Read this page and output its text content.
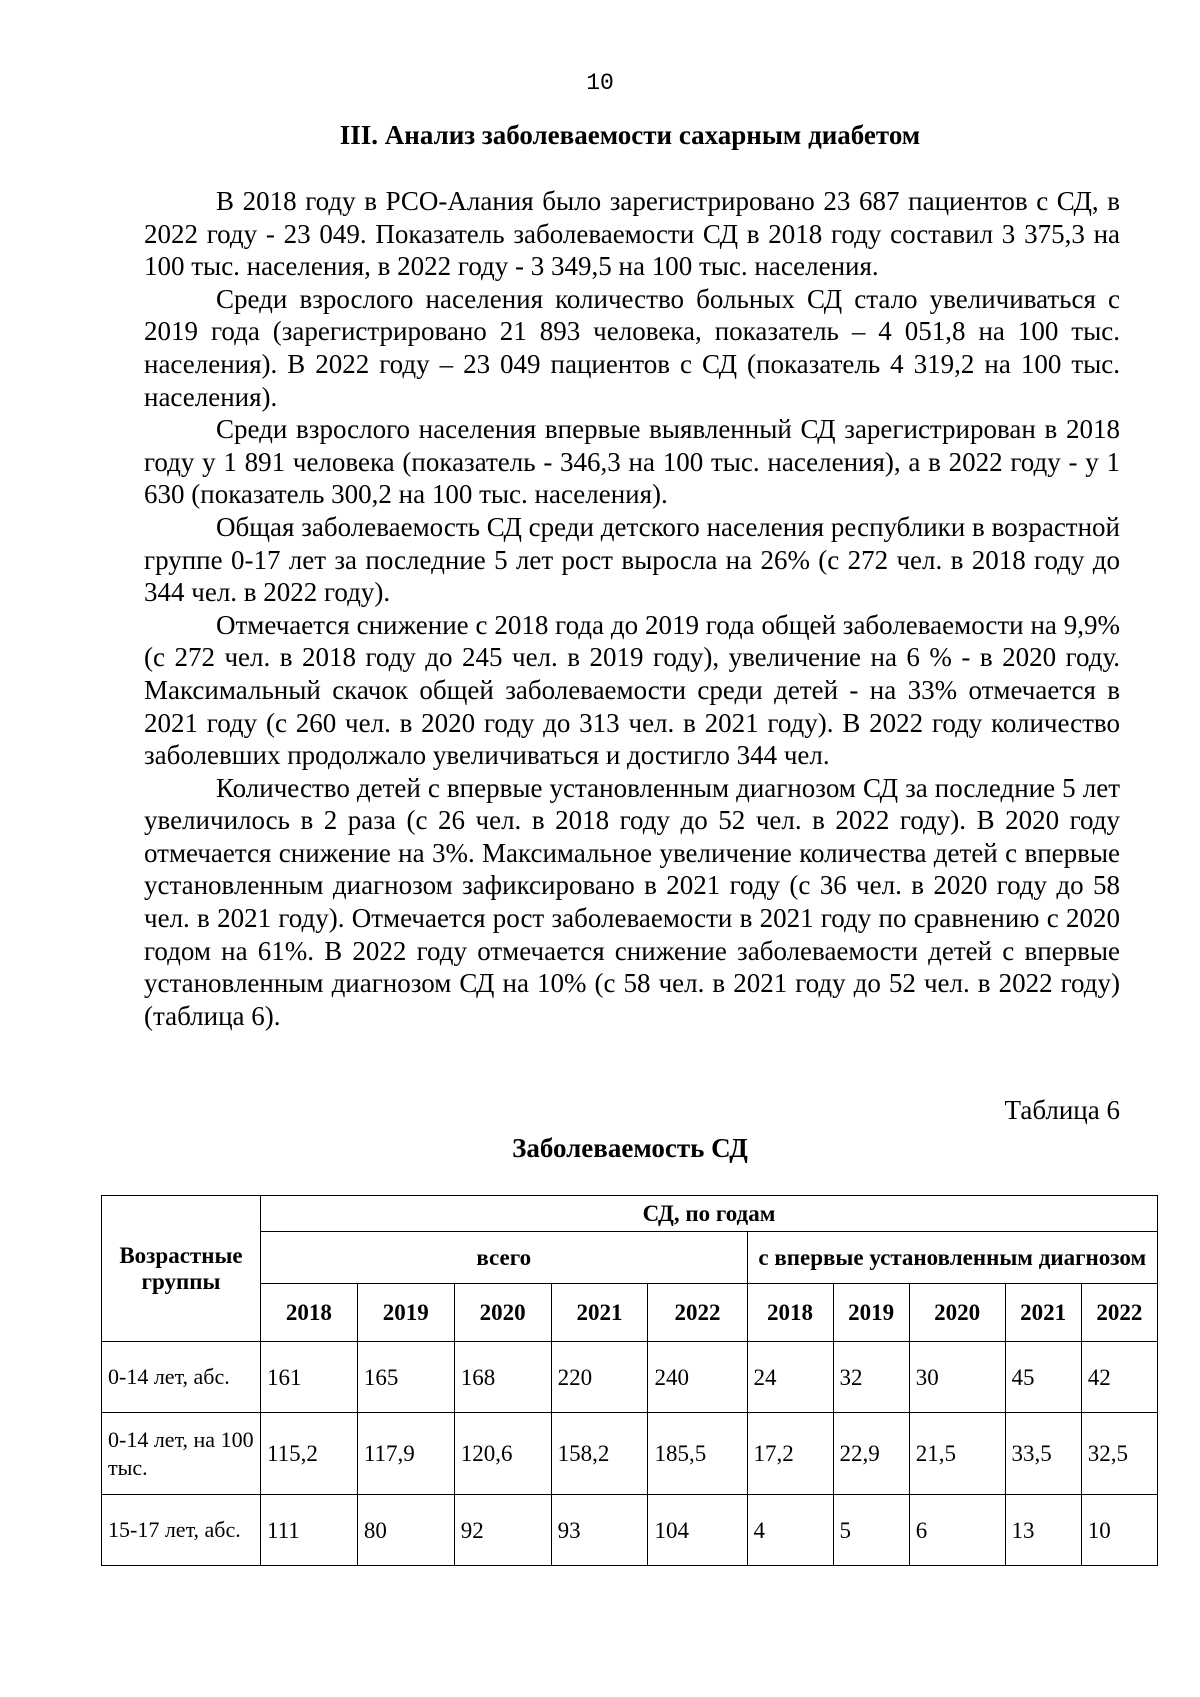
10
III. Анализ заболеваемости сахарным диабетом

В 2018 году в РСО-Алания было зарегистрировано 23 687 пациентов с СД, в 2022 году - 23 049. Показатель заболеваемости СД в 2018 году составил 3 375,3 на 100 тыс. населения, в 2022 году - 3 349,5 на 100 тыс. населения.

Среди взрослого населения количество больных СД стало увеличиваться с 2019 года (зарегистрировано 21 893 человека, показатель – 4 051,8 на 100 тыс. населения). В 2022 году – 23 049 пациентов с СД (показатель 4 319,2 на 100 тыс. населения).

Среди взрослого населения впервые выявленный СД зарегистрирован в 2018 году у 1 891 человека (показатель - 346,3 на 100 тыс. населения), а в 2022 году - у 1 630 (показатель 300,2 на 100 тыс. населения).

Общая заболеваемость СД среди детского населения республики в возрастной группе 0-17 лет за последние 5 лет рост выросла на 26% (с 272 чел. в 2018 году до 344 чел. в 2022 году).

Отмечается снижение с 2018 года до 2019 года общей заболеваемости на 9,9% (с 272 чел. в 2018 году до 245 чел. в 2019 году), увеличение на 6 % - в 2020 году. Максимальный скачок общей заболеваемости среди детей - на 33% отмечается в 2021 году (с 260 чел. в 2020 году до 313 чел. в 2021 году). В 2022 году количество заболевших продолжало увеличиваться и достигло 344 чел.

Количество детей с впервые установленным диагнозом СД за последние 5 лет увеличилось в 2 раза (с 26 чел. в 2018 году до 52 чел. в 2022 году). В 2020 году отмечается снижение на 3%. Максимальное увеличение количества детей с впервые установленным диагнозом зафиксировано в 2021 году (с 36 чел. в 2020 году до 58 чел. в 2021 году). Отмечается рост заболеваемости в 2021 году по сравнению с 2020 годом на 61%. В 2022 году отмечается снижение заболеваемости детей с впервые установленным диагнозом СД на 10% (с 58 чел. в 2021 году до 52 чел. в 2022 году) (таблица 6).

Таблица 6
Заболеваемость СД
Возрастные группы	СД, по годам									
	всего					с впервые установленным диагнозом				
	2018	2019	2020	2021	2022	2018	2019	2020	2021	2022
0-14 лет, абс.	161	165	168	220	240	24	32	30	45	42
0-14 лет, на 100 тыс.	115,2	117,9	120,6	158,2	185,5	17,2	22,9	21,5	33,5	32,5
15-17 лет, абс.	111	80	92	93	104	4	5	6	13	10
